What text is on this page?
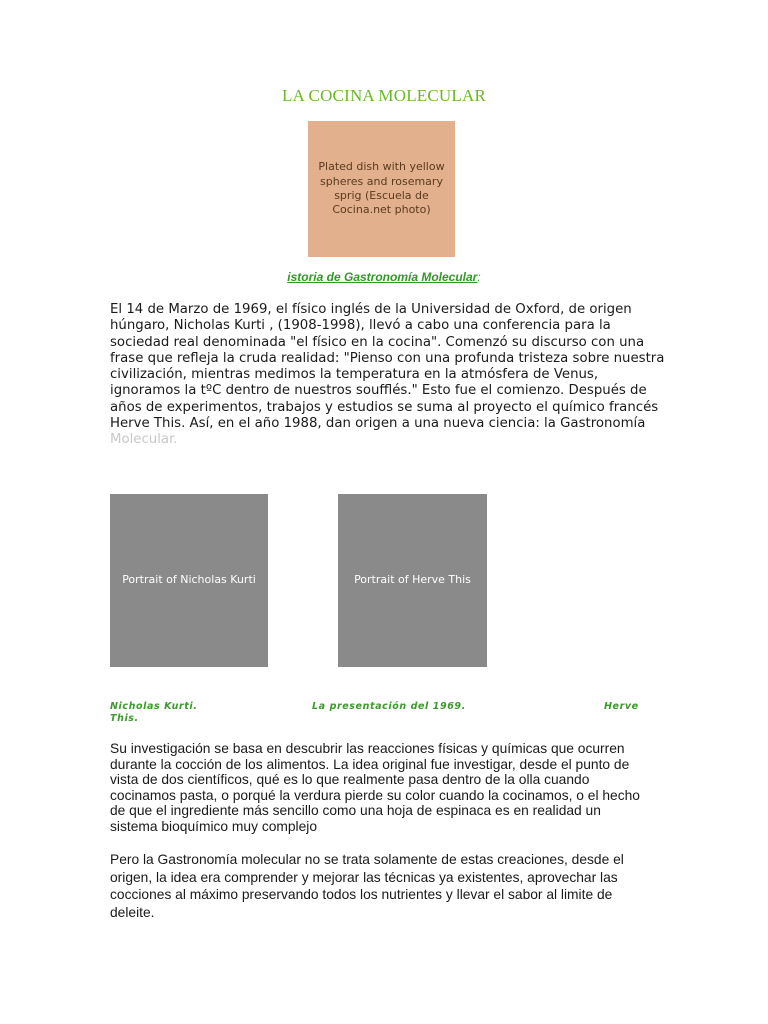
LA COCINA MOLECULAR
Plated dish with yellow spheres and rosemary sprig (Escuela de Cocina.net photo)
istoria de Gastronomía Molecular:
El 14 de Marzo de 1969, el físico inglés de la Universidad de Oxford, de origen húngaro, Nicholas Kurti , (1908-1998), llevó a cabo una conferencia para la sociedad real denominada "el físico en la cocina". Comenzó su discurso con una frase que refleja la cruda realidad: "Pienso con una profunda tristeza sobre nuestra civilización, mientras medimos la temperatura en la atmósfera de Venus, ignoramos la tºC dentro de nuestros soufflés." Esto fue el comienzo. Después de años de experimentos, trabajos y estudios se suma al proyecto el químico francés Herve This. Así, en el año 1988, dan origen a una nueva ciencia: la Gastronomía Molecular.
Portrait of Nicholas Kurti	Portrait of Herve This
Nicholas Kurti.	La presentación del 1969.	Herve
This.
Su investigación se basa en descubrir las reacciones físicas y químicas que ocurren durante la cocción de los alimentos. La idea original fue investigar, desde el punto de vista de dos científicos, qué es lo que realmente pasa dentro de la olla cuando cocinamos pasta, o porqué la verdura pierde su color cuando la cocinamos, o el hecho de que el ingrediente más sencillo como una hoja de espinaca es en realidad un sistema bioquímico muy complejo
Pero la Gastronomía molecular no se trata solamente de estas creaciones, desde el origen, la idea era comprender y mejorar las técnicas ya existentes, aprovechar las cocciones al máximo preservando todos los nutrientes y llevar el sabor al limite de deleite.
